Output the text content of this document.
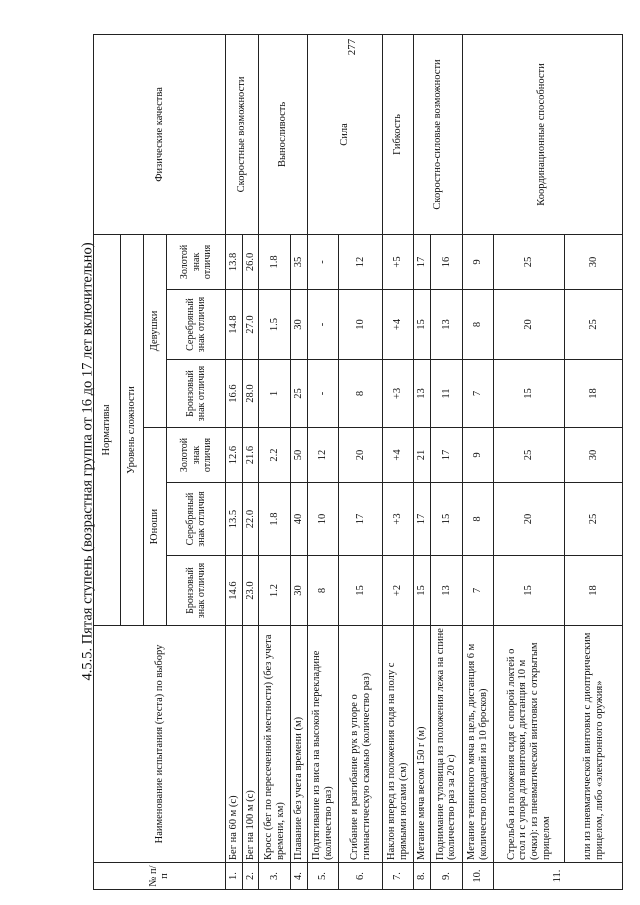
277
4.5.5. Пятая ступень (возрастная группа от 16 до 17 лет включительно)
№ п/п	Наименование испытания (теста) по выбору	Нормативы						Физические качества
		Уровень сложности						
		Юноши			Девушки			
		Бронзовый знак отличия	Серебряный знак отличия	Золотой знак отличия	Бронзовый знак отличия	Серебряный знак отличия	Золотой знак отличия	
1.	Бег на 60 м (с)	14.6	13.5	12.6	16.6	14.8	13.8	Скоростные возможности
2.	Бег на 100 м (с)	23.0	22.0	21.6	28.0	27.0	26.0	
3.	Кросс (бег по пересеченной местности) (без учета времени, км)	1.2	1.8	2.2	1	1.5	1.8	Выносливость
4.	Плавание без учета времени (м)	30	40	50	25	30	35	
5.	Подтягивание из виса на высокой перекладине (количество раз)	8	10	12	-	-	-	Сила
6.	Сгибание и разгибание рук в упоре о гимнастическую скамью (количество раз)	15	17	20	8	10	12	
7.	Наклон вперед из положения сидя на полу с прямыми ногами (см)	+2	+3	+4	+3	+4	+5	Гибкость
8.	Метание мяча весом 150 г (м)	15	17	21	13	15	17	Скоростно-силовые возможности
9.	Поднимание туловища из положения лежа на спине (количество раз за 20 с)	13	15	17	11	13	16	
10.	Метание теннисного мяча в цель, дистанция 6 м (количество попаданий из 10 бросков)	7	8	9	7	8	9	Координационные способности
11.	Стрельба из положения сидя с опорой локтей о стол и с упора для винтовки, дистанция 10 м (очки): из пневматической винтовки с открытым прицелом	15	20	25	15	20	25	
	или из пневматической винтовки с диоптрическим прицелом, либо «электронного оружия»	18	25	30	18	25	30	
